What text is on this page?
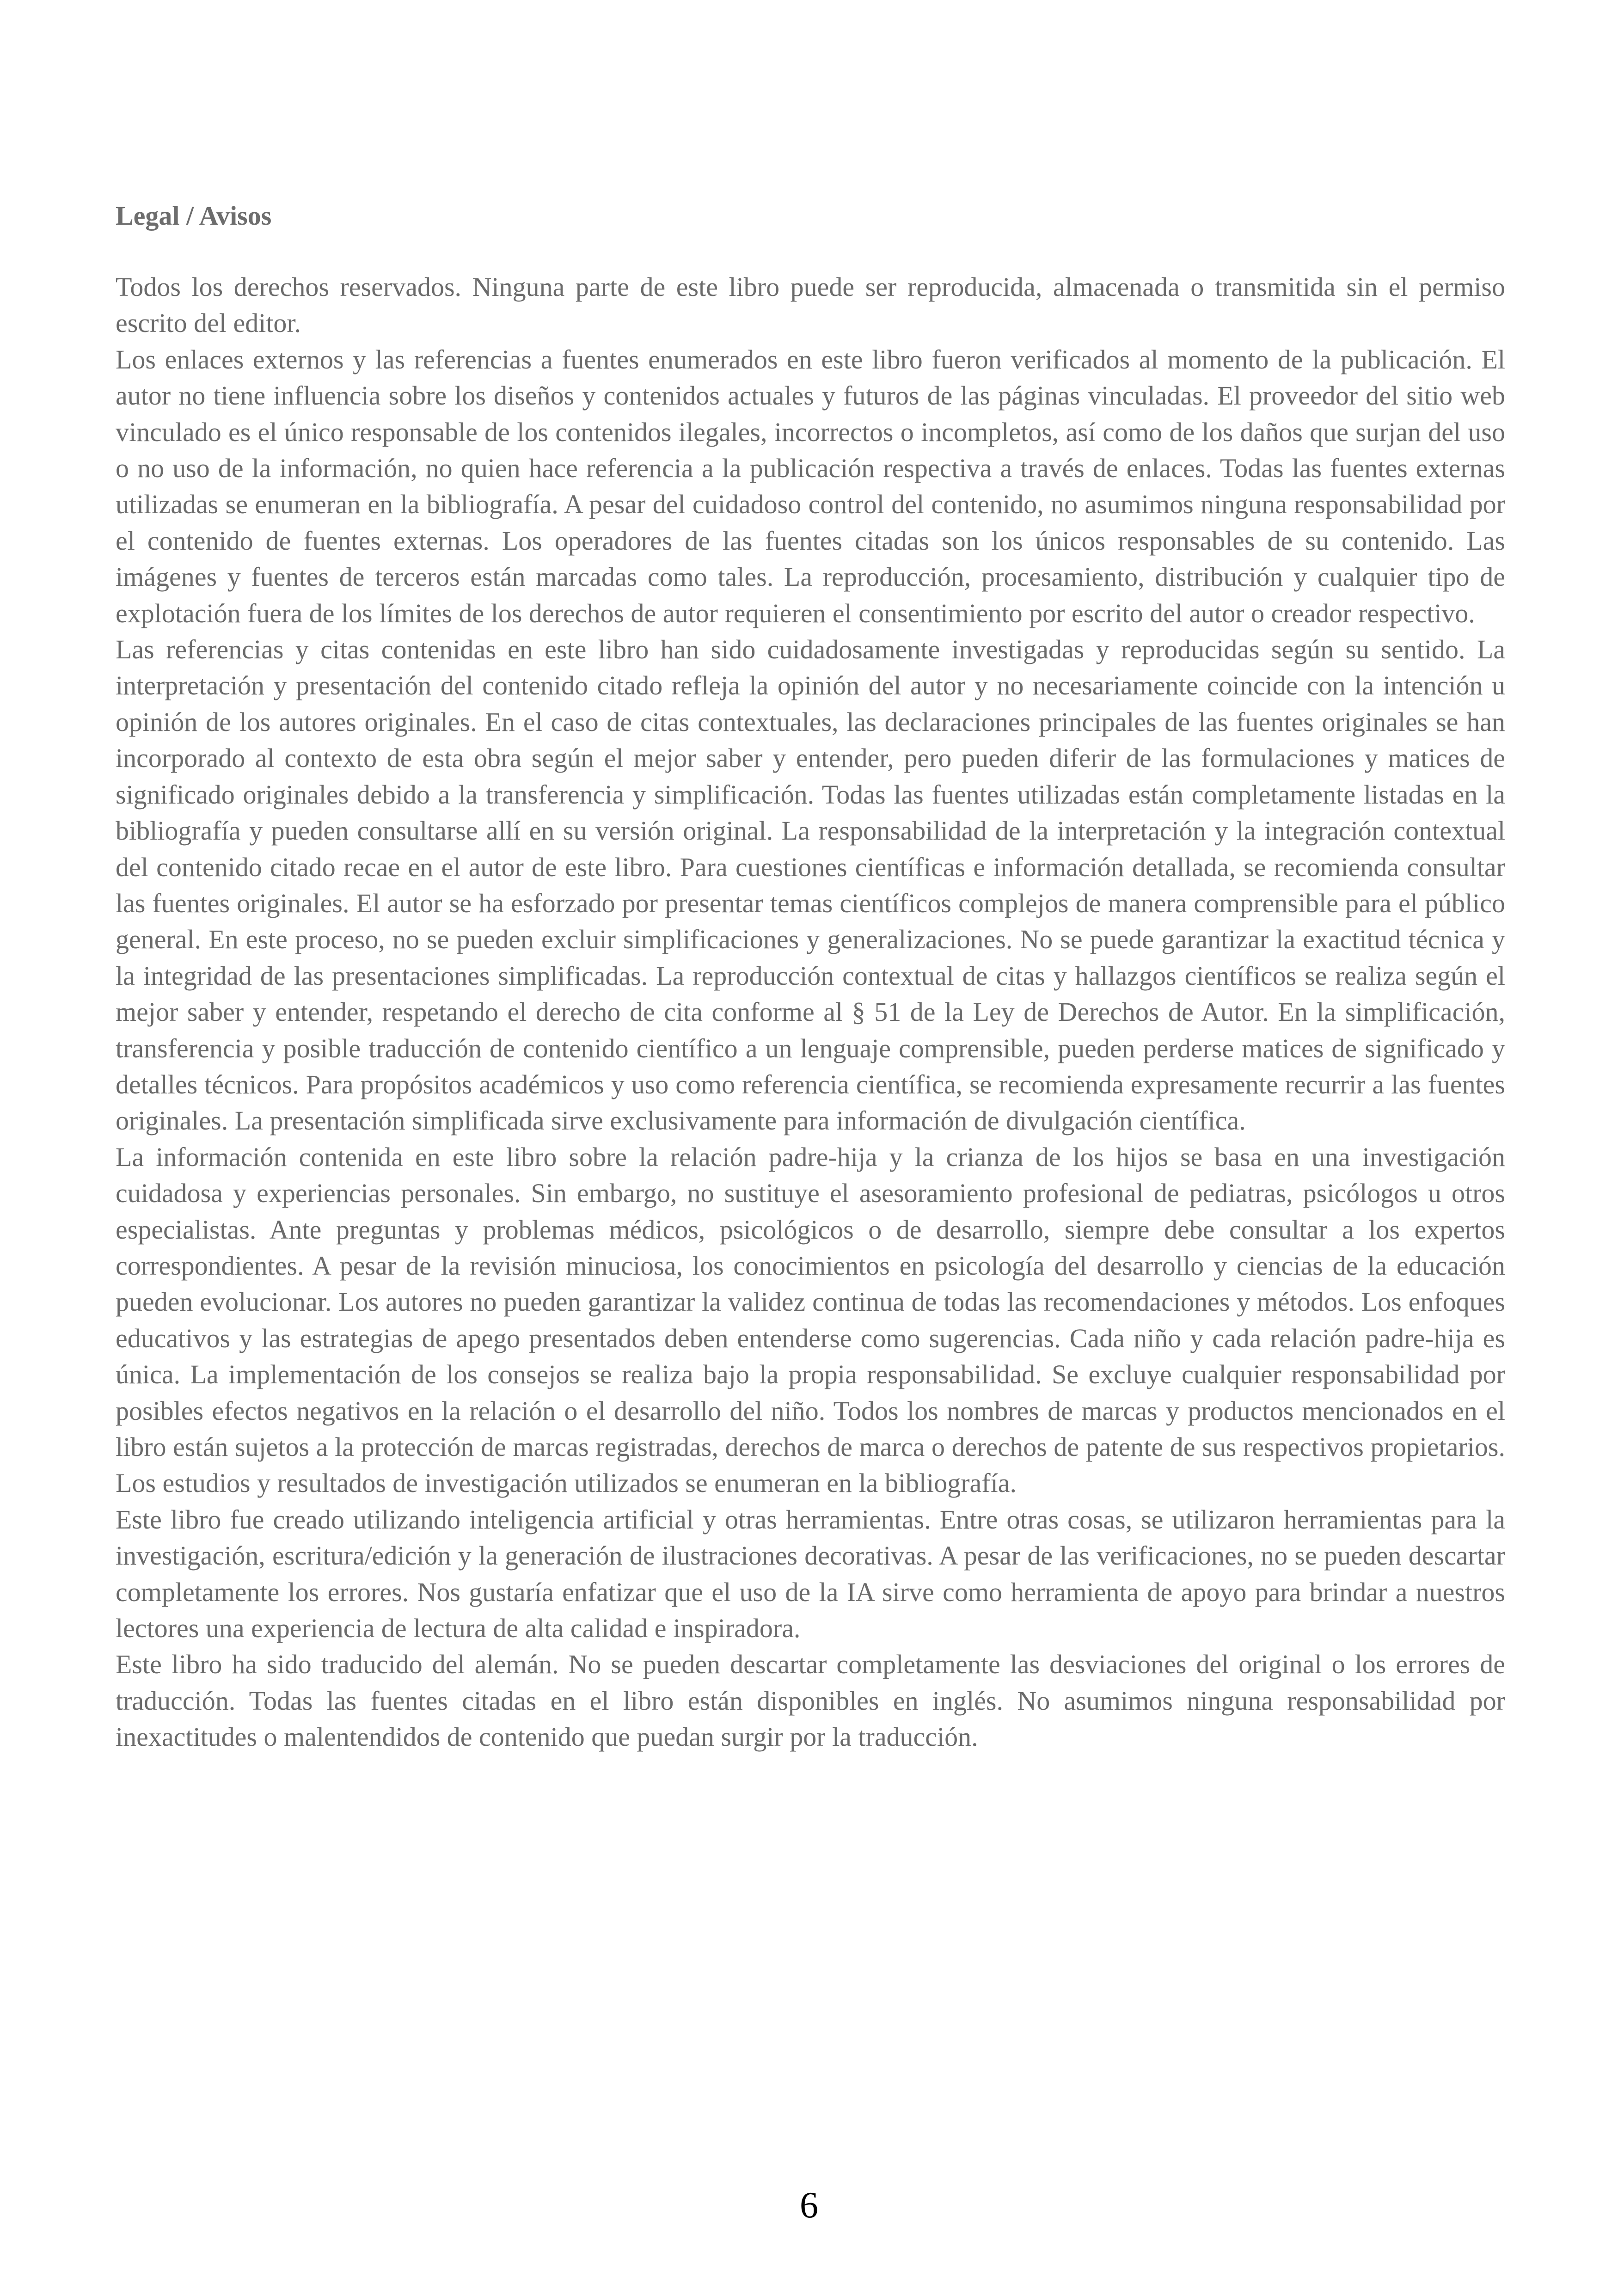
Legal / Avisos

Todos los derechos reservados. Ninguna parte de este libro puede ser reproducida, almacenada o transmitida sin el permiso escrito del editor.

Los enlaces externos y las referencias a fuentes enumerados en este libro fueron verificados al momento de la publicación. El autor no tiene influencia sobre los diseños y contenidos actuales y futuros de las páginas vinculadas. El proveedor del sitio web vinculado es el único responsable de los contenidos ilegales, incorrectos o incompletos, así como de los daños que surjan del uso o no uso de la información, no quien hace referencia a la publicación respectiva a través de enlaces. Todas las fuentes externas utilizadas se enumeran en la bibliografía. A pesar del cuidadoso control del contenido, no asumimos ninguna responsabilidad por el contenido de fuentes externas. Los operadores de las fuentes citadas son los únicos responsables de su contenido. Las imágenes y fuentes de terceros están marcadas como tales. La reproducción, procesamiento, distribución y cualquier tipo de explotación fuera de los límites de los derechos de autor requieren el consentimiento por escrito del autor o creador respectivo.

Las referencias y citas contenidas en este libro han sido cuidadosamente investigadas y reproducidas según su sentido. La interpretación y presentación del contenido citado refleja la opinión del autor y no necesariamente coincide con la intención u opinión de los autores originales. En el caso de citas contextuales, las declaraciones principales de las fuentes originales se han incorporado al contexto de esta obra según el mejor saber y entender, pero pueden diferir de las formulaciones y matices de significado originales debido a la transferencia y simplificación. Todas las fuentes utilizadas están completamente listadas en la bibliografía y pueden consultarse allí en su versión original. La responsabilidad de la interpretación y la integración contextual del contenido citado recae en el autor de este libro. Para cuestiones científicas e información detallada, se recomienda consultar las fuentes originales. El autor se ha esforzado por presentar temas científicos complejos de manera comprensible para el público general. En este proceso, no se pueden excluir simplificaciones y generalizaciones. No se puede garantizar la exactitud técnica y la integridad de las presentaciones simplificadas. La reproducción contextual de citas y hallazgos científicos se realiza según el mejor saber y entender, respetando el derecho de cita conforme al § 51 de la Ley de Derechos de Autor. En la simplificación, transferencia y posible traducción de contenido científico a un lenguaje comprensible, pueden perderse matices de significado y detalles técnicos. Para propósitos académicos y uso como referencia científica, se recomienda expresamente recurrir a las fuentes originales. La presentación simplificada sirve exclusivamente para información de divulgación científica.

La información contenida en este libro sobre la relación padre-hija y la crianza de los hijos se basa en una investigación cuidadosa y experiencias personales. Sin embargo, no sustituye el asesoramiento profesional de pediatras, psicólogos u otros especialistas. Ante preguntas y problemas médicos, psicológicos o de desarrollo, siempre debe consultar a los expertos correspondientes. A pesar de la revisión minuciosa, los conocimientos en psicología del desarrollo y ciencias de la educación pueden evolucionar. Los autores no pueden garantizar la validez continua de todas las recomendaciones y métodos. Los enfoques educativos y las estrategias de apego presentados deben entenderse como sugerencias. Cada niño y cada relación padre-hija es única. La implementación de los consejos se realiza bajo la propia responsabilidad. Se excluye cualquier responsabilidad por posibles efectos negativos en la relación o el desarrollo del niño. Todos los nombres de marcas y productos mencionados en el libro están sujetos a la protección de marcas registradas, derechos de marca o derechos de patente de sus respectivos propietarios. Los estudios y resultados de investigación utilizados se enumeran en la bibliografía.

Este libro fue creado utilizando inteligencia artificial y otras herramientas. Entre otras cosas, se utilizaron herramientas para la investigación, escritura/edición y la generación de ilustraciones decorativas. A pesar de las verificaciones, no se pueden descartar completamente los errores. Nos gustaría enfatizar que el uso de la IA sirve como herramienta de apoyo para brindar a nuestros lectores una experiencia de lectura de alta calidad e inspiradora.

Este libro ha sido traducido del alemán. No se pueden descartar completamente las desviaciones del original o los errores de traducción. Todas las fuentes citadas en el libro están disponibles en inglés. No asumimos ninguna responsabilidad por inexactitudes o malentendidos de contenido que puedan surgir por la traducción.

6
